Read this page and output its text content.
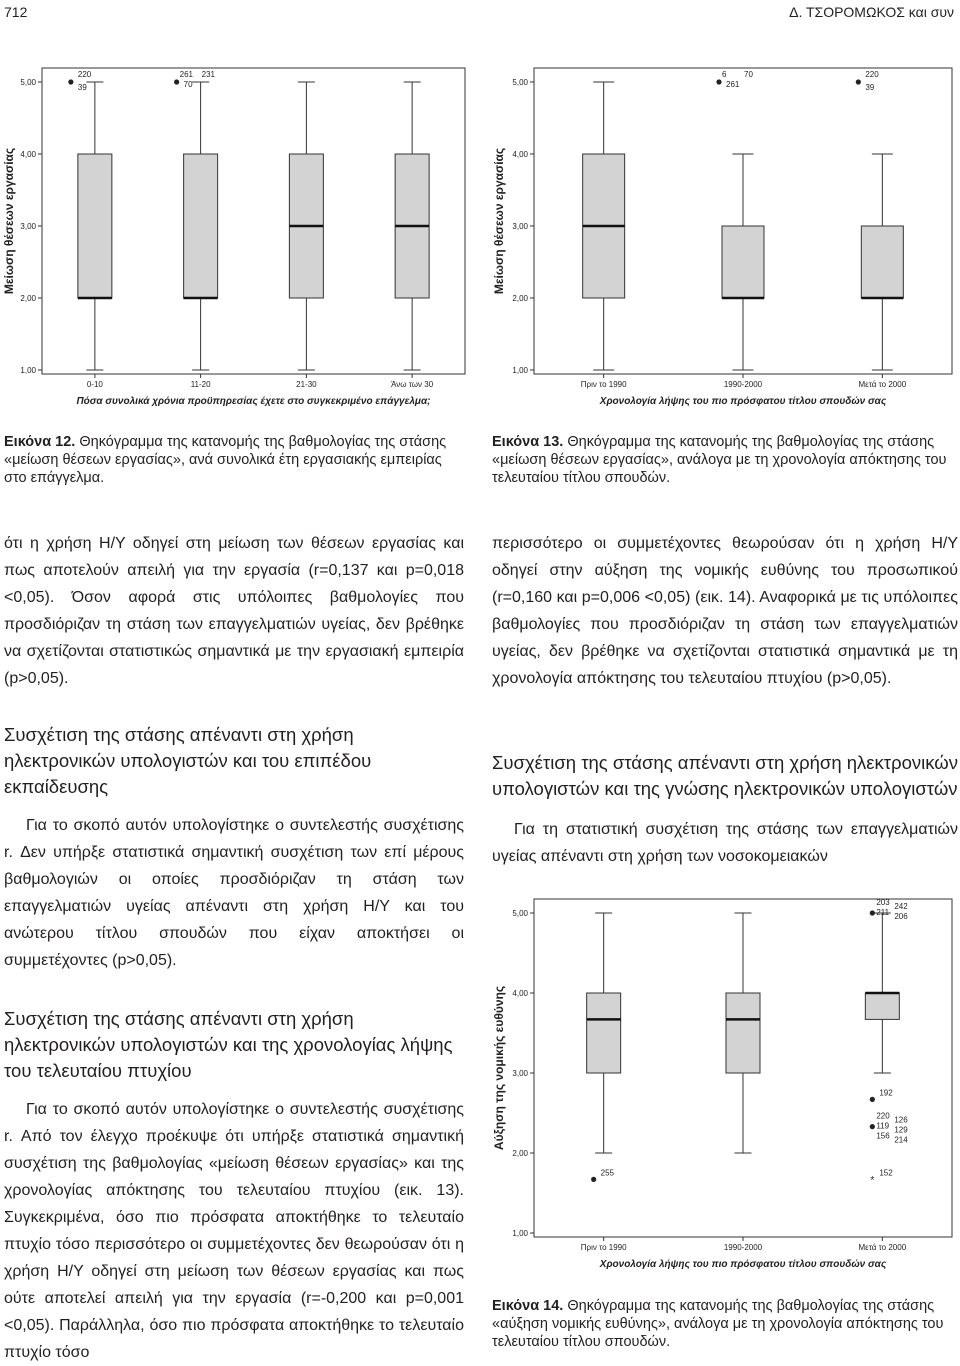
712	Δ. ΤΣΟΡΟΜΩΚΟΣ και συν
1,00
2,00
3,00
4,00
5,00
Μείωση θέσεων εργασίας
0-10	11-20	21-30	Άνω των 30
Πόσα συνολικά χρόνια προϋπηρεσίας έχετε στο συγκεκριμένο επάγγελμα;
220
39
261 231
70
Εικόνα 12. Θηκόγραμμα της κατανομής της βαθμολογίας της στάσης «μείωση θέσεων εργασίας», ανά συνολικά έτη εργασιακής εμπειρίας στο επάγγελμα.
1,00
2,00
3,00
4,00
5,00
Μείωση θέσεων εργασίας
Πριν το 1990	1990-2000	Μετά το 2000
Χρονολογία λήψης του πιο πρόσφατου τίτλου σπουδών σας
6 70
261
220
39
Εικόνα 13. Θηκόγραμμα της κατανομής της βαθμολογίας της στάσης «μείωση θέσεων εργασίας», ανάλογα με τη χρονολογία απόκτησης του τελευταίου τίτλου σπουδών.
ότι η χρήση Η/Υ οδηγεί στη μείωση των θέσεων εργασίας και πως αποτελούν απειλή για την εργασία (r=0,137 και p=0,018 <0,05). Όσον αφορά στις υπόλοιπες βαθμολογίες που προσδιόριζαν τη στάση των επαγγελματιών υγείας, δεν βρέθηκε να σχετίζονται στατιστικώς σημαντικά με την εργασιακή εμπειρία (p>0,05).
Συσχέτιση της στάσης απέναντι στη χρήση ηλεκτρονικών υπολογιστών και του επιπέδου εκπαίδευσης
Για το σκοπό αυτόν υπολογίστηκε ο συντελεστής συσχέτισης r. Δεν υπήρξε στατιστικά σημαντική συσχέτιση των επί μέρους βαθμολογιών οι οποίες προσδιόριζαν τη στάση των επαγγελματιών υγείας απέναντι στη χρήση Η/Υ και του ανώτερου τίτλου σπουδών που είχαν αποκτήσει οι συμμετέχοντες (p>0,05).
Συσχέτιση της στάσης απέναντι στη χρήση ηλεκτρονικών υπολογιστών και της χρονολογίας λήψης του τελευταίου πτυχίου
Για το σκοπό αυτόν υπολογίστηκε ο συντελεστής συσχέτισης r. Από τον έλεγχο προέκυψε ότι υπήρξε στατιστικά σημαντική συσχέτιση της βαθμολογίας «μείωση θέσεων εργασίας» και της χρονολογίας απόκτησης του τελευταίου πτυχίου (εικ. 13). Συγκεκριμένα, όσο πιο πρόσφατα αποκτήθηκε το τελευταίο πτυχίο τόσο περισσότερο οι συμμετέχοντες δεν θεωρούσαν ότι η χρήση Η/Υ οδηγεί στη μείωση των θέσεων εργασίας και πως ούτε αποτελεί απειλή για την εργασία (r=-0,200 και p=0,001 <0,05). Παράλληλα, όσο πιο πρόσφατα αποκτήθηκε το τελευταίο πτυχίο τόσο
περισσότερο οι συμμετέχοντες θεωρούσαν ότι η χρήση Η/Υ οδηγεί στην αύξηση της νομικής ευθύνης του προσωπικού (r=0,160 και p=0,006 <0,05) (εικ. 14). Αναφορικά με τις υπόλοιπες βαθμολογίες που προσδιόριζαν τη στάση των επαγγελματιών υγείας, δεν βρέθηκε να σχετίζονται στατιστικά σημαντικά με τη χρονολογία απόκτησης του τελευταίου πτυχίου (p>0,05).
Συσχέτιση της στάσης απέναντι στη χρήση ηλεκτρονικών υπολογιστών και της γνώσης ηλεκτρονικών υπολογιστών
Για τη στατιστική συσχέτιση της στάσης των επαγγελματιών υγείας απέναντι στη χρήση των νοσοκομειακών
1,00
2,00
3,00
4,00
5,00
Αύξηση της νομικής ευθύνης
Πριν το 1990	1990-2000	Μετά το 2000
Χρονολογία λήψης του πιο πρόσφατου τίτλου σπουδών σας
255
203 242
211 206
192
220 126
119 129
156 214
*
152
Εικόνα 14. Θηκόγραμμα της κατανομής της βαθμολογίας της στάσης «αύξηση νομικής ευθύνης», ανάλογα με τη χρονολογία απόκτησης του τελευταίου τίτλου σπουδών.
